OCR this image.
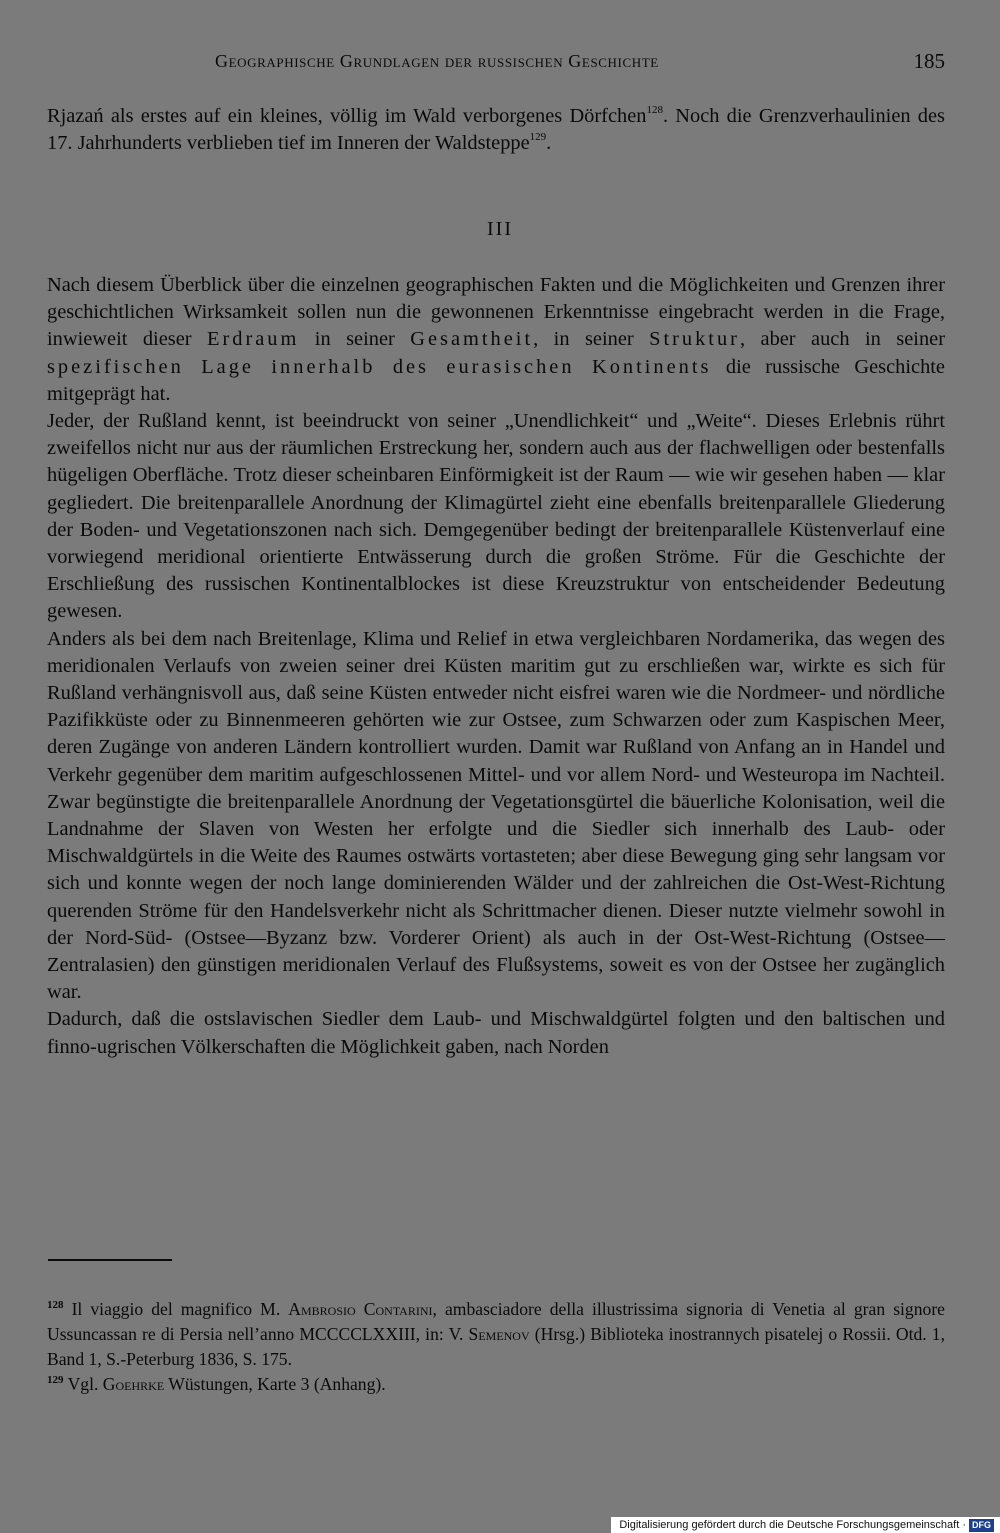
Geographische Grundlagen der russischen Geschichte	185

Rjazań als erstes auf ein kleines, völlig im Wald verborgenes Dörfchen$^{128}$. Noch die Grenzverhaulinien des 17. Jahrhunderts verblieben tief im Inneren der Waldsteppe$^{129}$.

III

Nach diesem Überblick über die einzelnen geographischen Fakten und die Möglichkeiten und Grenzen ihrer geschichtlichen Wirksamkeit sollen nun die gewonnenen Erkenntnisse eingebracht werden in die Frage, inwieweit dieser Erdraum in seiner Gesamtheit, in seiner Struktur, aber auch in seiner spezifischen Lage innerhalb des eurasischen Kontinents die russische Geschichte mitgeprägt hat.

Jeder, der Rußland kennt, ist beeindruckt von seiner „Unendlichkeit“ und „Weite“. Dieses Erlebnis rührt zweifellos nicht nur aus der räumlichen Erstreckung her, sondern auch aus der flachwelligen oder bestenfalls hügeligen Oberfläche. Trotz dieser scheinbaren Einförmigkeit ist der Raum — wie wir gesehen haben — klar gegliedert. Die breitenparallele Anordnung der Klimagürtel zieht eine ebenfalls breitenparallele Gliederung der Boden- und Vegetationszonen nach sich. Demgegenüber bedingt der breitenparallele Küstenverlauf eine vorwiegend meridional orientierte Entwässerung durch die großen Ströme. Für die Geschichte der Erschließung des russischen Kontinentalblockes ist diese Kreuzstruktur von entscheidender Bedeutung gewesen.

Anders als bei dem nach Breitenlage, Klima und Relief in etwa vergleichbaren Nordamerika, das wegen des meridionalen Verlaufs von zweien seiner drei Küsten maritim gut zu erschließen war, wirkte es sich für Rußland verhängnisvoll aus, daß seine Küsten entweder nicht eisfrei waren wie die Nordmeer- und nördliche Pazifikküste oder zu Binnenmeeren gehörten wie zur Ostsee, zum Schwarzen oder zum Kaspischen Meer, deren Zugänge von anderen Ländern kontrolliert wurden. Damit war Rußland von Anfang an in Handel und Verkehr gegenüber dem maritim aufgeschlossenen Mittel- und vor allem Nord- und Westeuropa im Nachteil. Zwar begünstigte die breitenparallele Anordnung der Vegetationsgürtel die bäuerliche Kolonisation, weil die Landnahme der Slaven von Westen her erfolgte und die Siedler sich innerhalb des Laub- oder Mischwaldgürtels in die Weite des Raumes ostwärts vortasteten; aber diese Bewegung ging sehr langsam vor sich und konnte wegen der noch lange dominierenden Wälder und der zahlreichen die Ost-West-Richtung querenden Ströme für den Handelsverkehr nicht als Schrittmacher dienen. Dieser nutzte vielmehr sowohl in der Nord-Süd- (Ostsee—Byzanz bzw. Vorderer Orient) als auch in der Ost-West-Richtung (Ostsee—Zentralasien) den günstigen meridionalen Verlauf des Flußsystems, soweit es von der Ostsee her zugänglich war.

Dadurch, daß die ostslavischen Siedler dem Laub- und Mischwaldgürtel folgten und den baltischen und finno-ugrischen Völkerschaften die Möglichkeit gaben, nach Norden

$^{128}$ Il viaggio del magnifico M. Ambrosio Contarini, ambasciadore della illustrissima signoria di Venetia al gran signore Ussuncassan re di Persia nell’anno MCCCCLXXIII, in: V. Semenov (Hrsg.) Biblioteka inostrannych pisatelej o Rossii. Otd. 1, Band 1, S.-Peterburg 1836, S. 175.

$^{129}$ Vgl. Goehrke Wüstungen, Karte 3 (Anhang).

Digitalisierung gefördert durch die Deutsche Forschungsgemeinschaft · DFG
